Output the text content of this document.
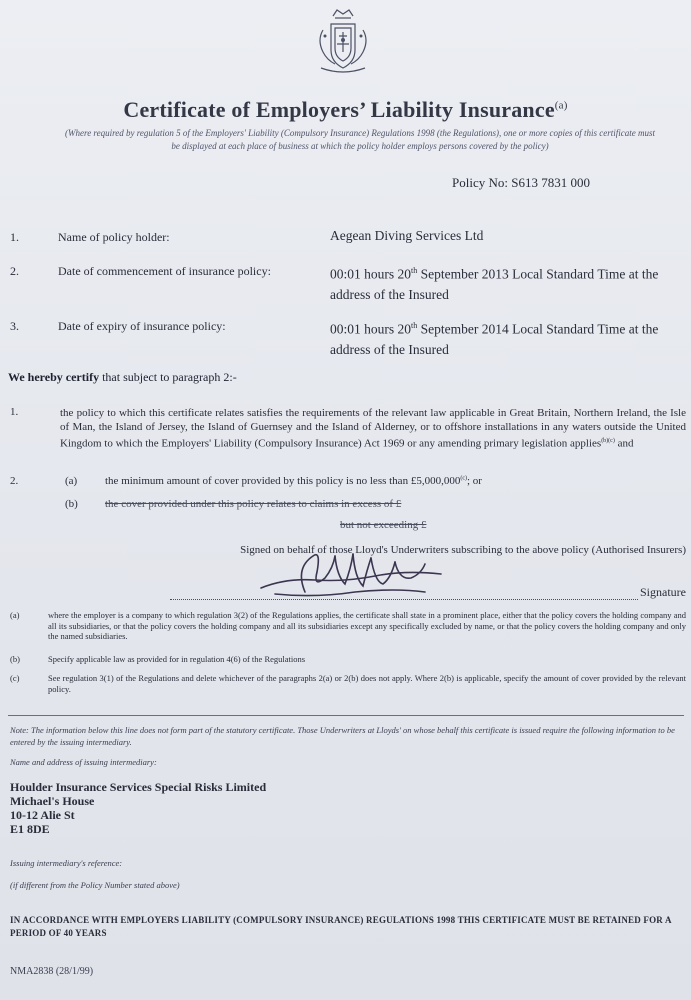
Certificate of Employers’ Liability Insurance$^{(a)}$
(Where required by regulation 5 of the Employers' Liability (Compulsory Insurance) Regulations 1998 (the Regulations), one or more copies of this certificate must be displayed at each place of business at which the policy holder employs persons covered by the policy)
Policy No: S613 7831 000
1.	Name of policy holder:	Aegean Diving Services Ltd
2.	Date of commencement of insurance policy:	00:01 hours 20th September 2013 Local Standard Time at the address of the Insured
3.	Date of expiry of insurance policy:	00:01 hours 20th September 2014 Local Standard Time at the address of the Insured
We hereby certify that subject to paragraph 2:-
1.	the policy to which this certificate relates satisfies the requirements of the relevant law applicable in Great Britain, Northern Ireland, the Isle of Man, the Island of Jersey, the Island of Guernsey and the Island of Alderney, or to offshore installations in any waters outside the United Kingdom to which the Employers' Liability (Compulsory Insurance) Act 1969 or any amending primary legislation applies$^{(b)(c)}$ and
2.	(a)	the minimum amount of cover provided by this policy is no less than £5,000,000$^{(c)}$; or
(b) the cover provided under this policy relates to claims in excess of £
but not exceeding £
Signed on behalf of those Lloyd's Underwriters subscribing to the above policy (Authorised Insurers)
Signature
(a)	where the employer is a company to which regulation 3(2) of the Regulations applies, the certificate shall state in a prominent place, either that the policy covers the holding company and all its subsidiaries, or that the policy covers the holding company and all its subsidiaries except any specifically excluded by name, or that the policy covers the holding company and only the named subsidiaries.
(b)	Specify applicable law as provided for in regulation 4(6) of the Regulations
(c)	See regulation 3(1) of the Regulations and delete whichever of the paragraphs 2(a) or 2(b) does not apply. Where 2(b) is applicable, specify the amount of cover provided by the relevant policy.
Note: The information below this line does not form part of the statutory certificate. Those Underwriters at Lloyds' on whose behalf this certificate is issued require the following information to be entered by the issuing intermediary.
Name and address of issuing intermediary:
Houlder Insurance Services Special Risks Limited
Michael's House
10-12 Alie St
E1 8DE
Issuing intermediary's reference:
(if different from the Policy Number stated above)
IN ACCORDANCE WITH EMPLOYERS LIABILITY (COMPULSORY INSURANCE) REGULATIONS 1998 THIS CERTIFICATE MUST BE RETAINED FOR A PERIOD OF 40 YEARS
NMA2838 (28/1/99)
